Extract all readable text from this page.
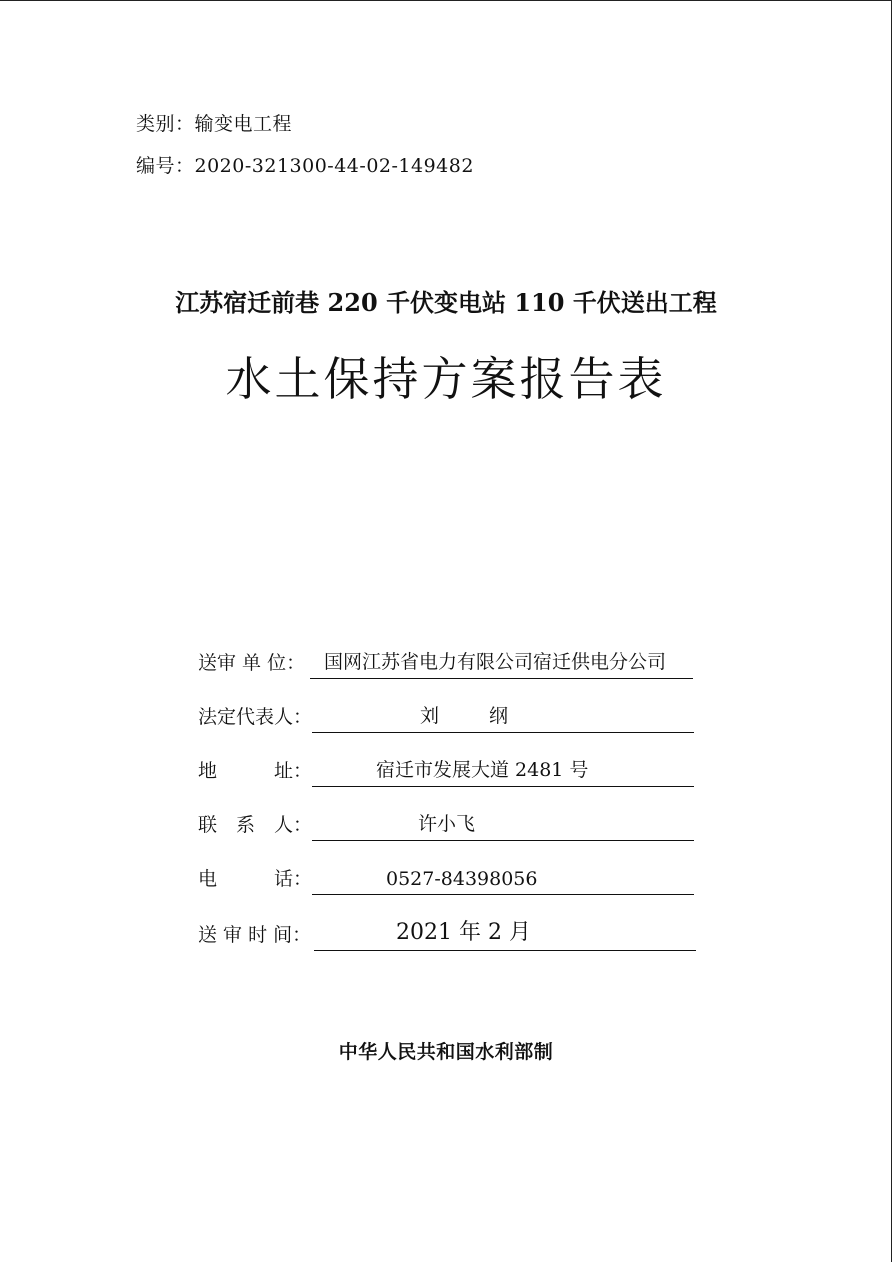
类别：输变电工程
编号：2020-321300-44-02-149482
江苏宿迁前巷 220 千伏变电站 110 千伏送出工程
水土保持方案报告表
送审 单 位： 国网江苏省电力有限公司宿迁供电分公司
法定代表人：	刘 纲
地　　　址：	宿迁市发展大道 2481 号
联　系　人：	许小飞
电　　　话：	0527-84398056
送 审 时 间：	2021 年 2 月
中华人民共和国水利部制
